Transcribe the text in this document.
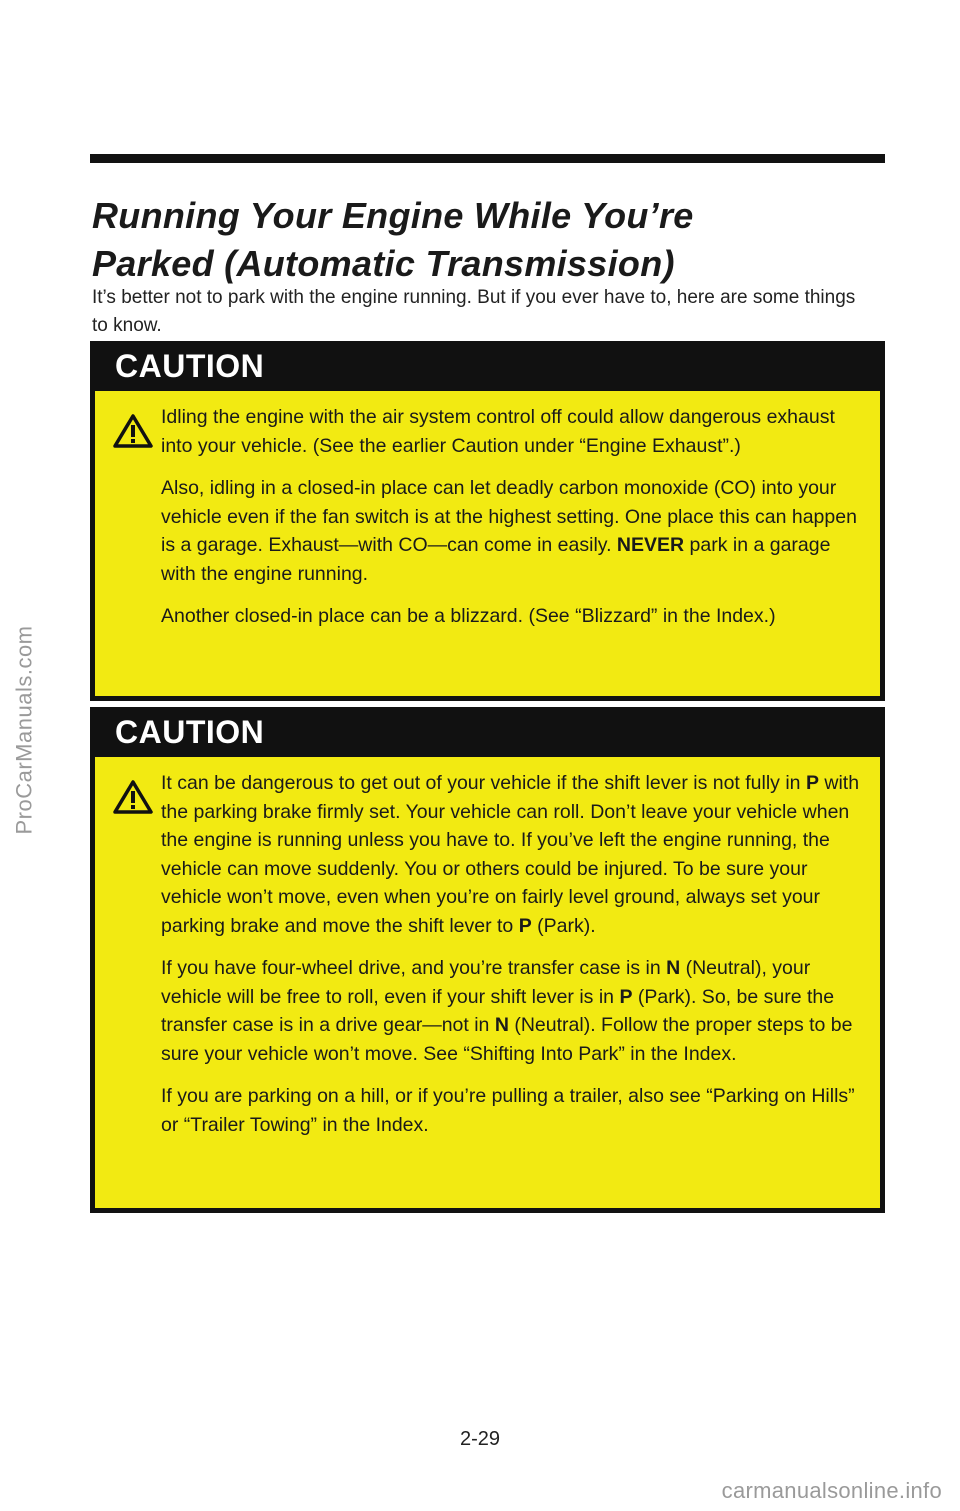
ProCarManuals.com
Running Your Engine While You’re
Parked (Automatic Transmission)

It’s better not to park with the engine running. But if you ever have to, here are some things to know.

CAUTION

Idling the engine with the air system control off could allow dangerous exhaust into your vehicle. (See the earlier Caution under “Engine Exhaust”.)

Also, idling in a closed-in place can let deadly carbon monoxide (CO) into your vehicle even if the fan switch is at the highest setting. One place this can happen is a garage. Exhaust—with CO—can come in easily. NEVER park in a garage with the engine running.

Another closed-in place can be a blizzard. (See “Blizzard” in the Index.)

CAUTION

It can be dangerous to get out of your vehicle if the shift lever is not fully in P with the parking brake firmly set. Your vehicle can roll. Don’t leave your vehicle when the engine is running unless you have to. If you’ve left the engine running, the vehicle can move suddenly. You or others could be injured. To be sure your vehicle won’t move, even when you’re on fairly level ground, always set your parking brake and move the shift lever to P (Park).

If you have four-wheel drive, and you’re transfer case is in N (Neutral), your vehicle will be free to roll, even if your shift lever is in P (Park). So, be sure the transfer case is in a drive gear—not in N (Neutral). Follow the proper steps to be sure your vehicle won’t move. See “Shifting Into Park” in the Index.

If you are parking on a hill, or if you’re pulling a trailer, also see “Parking on Hills” or “Trailer Towing” in the Index.

2-29
carmanualsonline.info
